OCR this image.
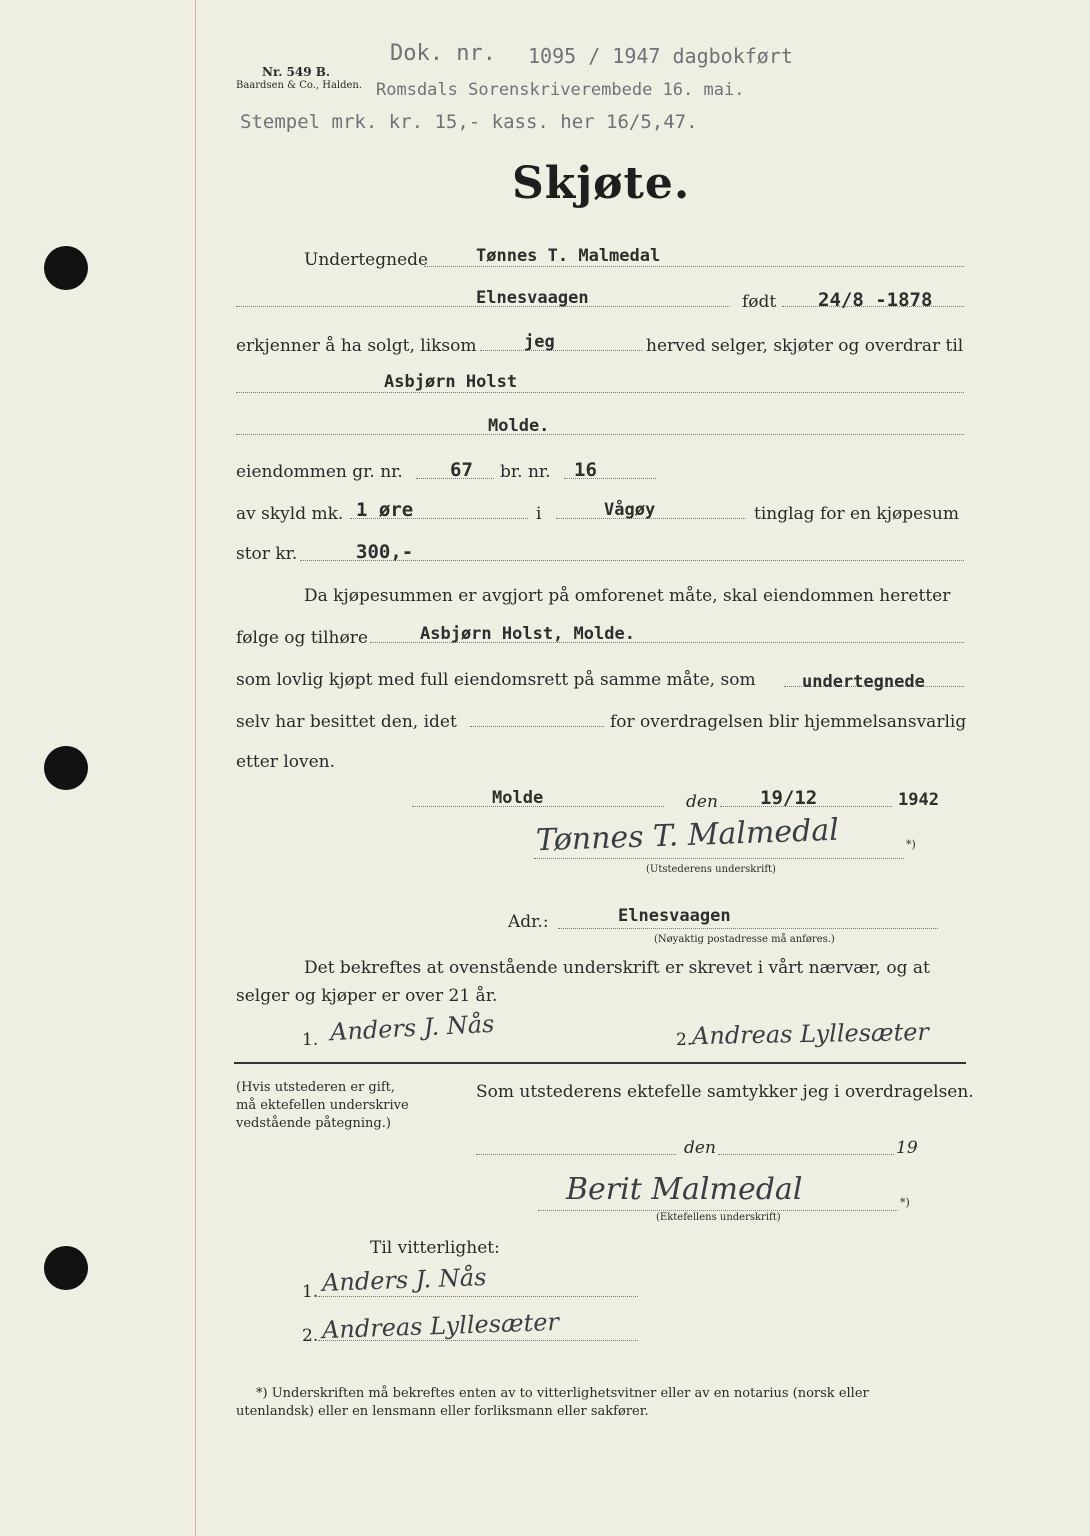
Nr. 549 B.
Baardsen & Co., Halden.
Dok. nr. 1095 / 1947 dagbokført
Romsdals Sorenskriverembede 16. mai.
Stempel mrk. kr. 15,- kass. her 16/5,47.
Skjøte.
Undertegnede	Tønnes T. Malmedal
Elnesvaagen	født 24/8 -1878
erkjenner å ha solgt, liksom	jeg	herved selger, skjøter og overdrar til
Asbjørn Holst
Molde.
eiendommen gr. nr. 67 br. nr. 16
av skyld mk. 1 øre	i	Vågøy	tinglag for en kjøpesum
stor kr.	300,-
Da kjøpesummen er avgjort på omforenet måte, skal eiendommen heretter
følge og tilhøre	Asbjørn Holst, Molde.
som lovlig kjøpt med full eiendomsrett på samme måte, som	undertegnede
selv har besittet den, idet	for overdragelsen blir hjemmelsansvarlig
etter loven.
Molde	den 19/12	1942
Tønnes T. Malmedal	*)
(Utstederens underskrift)
Adr.:	Elnesvaagen
(Nøyaktig postadresse må anføres.)
Det bekreftes at ovenstående underskrift er skrevet i vårt nærvær, og at
selger og kjøper er over 21 år.
1. Anders J. Nås	2. Andreas Lyllesæter
(Hvis utstederen er gift,
må ektefellen underskrive
vedstående påtegning.)
Som utstederens ektefelle samtykker jeg i overdragelsen.
den	19
Berit Malmedal	*)
(Ektefellens underskrift)
Til vitterlighet:
1. Anders J. Nås
2. Andreas Lyllesæter
*) Underskriften må bekreftes enten av to vitterlighetsvitner eller av en notarius (norsk eller
utenlandsk) eller en lensmann eller forliksmann eller sakfører.
